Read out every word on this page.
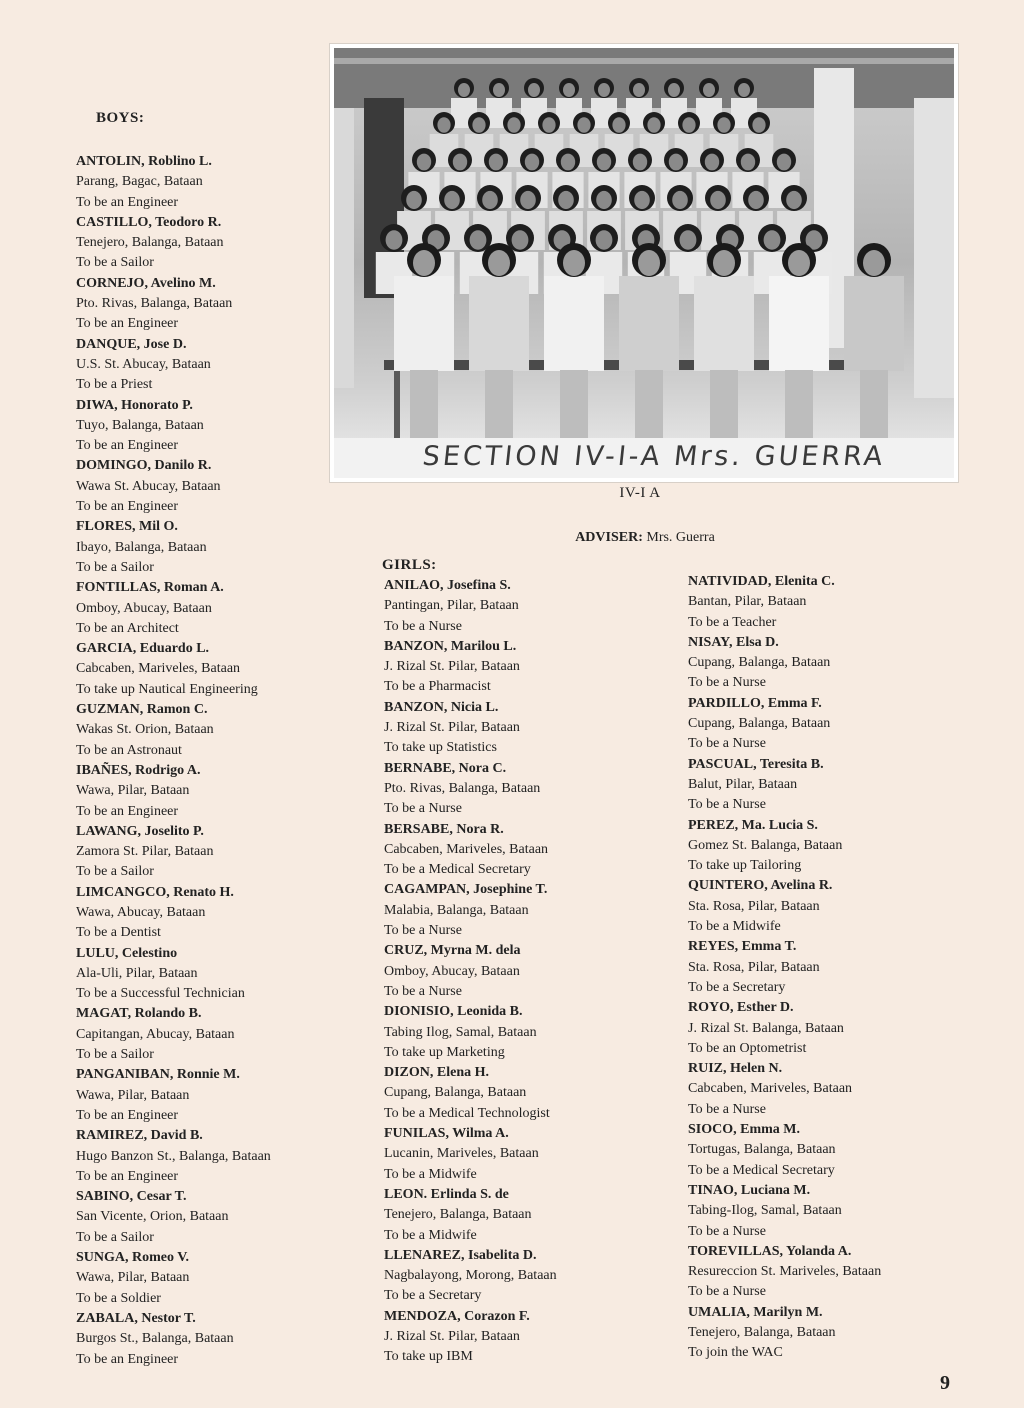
SECTION IV-I-A Mrs. GUERRA
IV-I A
ADVISER: Mrs. Guerra
BOYS:
GIRLS:
ANTOLIN, Roblino L.
Parang, Bagac, Bataan
To be an Engineer
CASTILLO, Teodoro R.
Tenejero, Balanga, Bataan
To be a Sailor
CORNEJO, Avelino M.
Pto. Rivas, Balanga, Bataan
To be an Engineer
DANQUE, Jose D.
U.S. St. Abucay, Bataan
To be a Priest
DIWA, Honorato P.
Tuyo, Balanga, Bataan
To be an Engineer
DOMINGO, Danilo R.
Wawa St. Abucay, Bataan
To be an Engineer
FLORES, Mil O.
Ibayo, Balanga, Bataan
To be a Sailor
FONTILLAS, Roman A.
Omboy, Abucay, Bataan
To be an Architect
GARCIA, Eduardo L.
Cabcaben, Mariveles, Bataan
To take up Nautical Engineering
GUZMAN, Ramon C.
Wakas St. Orion, Bataan
To be an Astronaut
IBAÑES, Rodrigo A.
Wawa, Pilar, Bataan
To be an Engineer
LAWANG, Joselito P.
Zamora St. Pilar, Bataan
To be a Sailor
LIMCANGCO, Renato H.
Wawa, Abucay, Bataan
To be a Dentist
LULU, Celestino
Ala-Uli, Pilar, Bataan
To be a Successful Technician
MAGAT, Rolando B.
Capitangan, Abucay, Bataan
To be a Sailor
PANGANIBAN, Ronnie M.
Wawa, Pilar, Bataan
To be an Engineer
RAMIREZ, David B.
Hugo Banzon St., Balanga, Bataan
To be an Engineer
SABINO, Cesar T.
San Vicente, Orion, Bataan
To be a Sailor
SUNGA, Romeo V.
Wawa, Pilar, Bataan
To be a Soldier
ZABALA, Nestor T.
Burgos St., Balanga, Bataan
To be an Engineer
ANILAO, Josefina S.
Pantingan, Pilar, Bataan
To be a Nurse
BANZON, Marilou L.
J. Rizal St. Pilar, Bataan
To be a Pharmacist
BANZON, Nicia L.
J. Rizal St. Pilar, Bataan
To take up Statistics
BERNABE, Nora C.
Pto. Rivas, Balanga, Bataan
To be a Nurse
BERSABE, Nora R.
Cabcaben, Mariveles, Bataan
To be a Medical Secretary
CAGAMPAN, Josephine T.
Malabia, Balanga, Bataan
To be a Nurse
CRUZ, Myrna M. dela
Omboy, Abucay, Bataan
To be a Nurse
DIONISIO, Leonida B.
Tabing Ilog, Samal, Bataan
To take up Marketing
DIZON, Elena H.
Cupang, Balanga, Bataan
To be a Medical Technologist
FUNILAS, Wilma A.
Lucanin, Mariveles, Bataan
To be a Midwife
LEON. Erlinda S. de
Tenejero, Balanga, Bataan
To be a Midwife
LLENAREZ, Isabelita D.
Nagbalayong, Morong, Bataan
To be a Secretary
MENDOZA, Corazon F.
J. Rizal St. Pilar, Bataan
To take up IBM
NATIVIDAD, Elenita C.
Bantan, Pilar, Bataan
To be a Teacher
NISAY, Elsa D.
Cupang, Balanga, Bataan
To be a Nurse
PARDILLO, Emma F.
Cupang, Balanga, Bataan
To be a Nurse
PASCUAL, Teresita B.
Balut, Pilar, Bataan
To be a Nurse
PEREZ, Ma. Lucia S.
Gomez St. Balanga, Bataan
To take up Tailoring
QUINTERO, Avelina R.
Sta. Rosa, Pilar, Bataan
To be a Midwife
REYES, Emma T.
Sta. Rosa, Pilar, Bataan
To be a Secretary
ROYO, Esther D.
J. Rizal St. Balanga, Bataan
To be an Optometrist
RUIZ, Helen N.
Cabcaben, Mariveles, Bataan
To be a Nurse
SIOCO, Emma M.
Tortugas, Balanga, Bataan
To be a Medical Secretary
TINAO, Luciana M.
Tabing-Ilog, Samal, Bataan
To be a Nurse
TOREVILLAS, Yolanda A.
Resureccion St. Mariveles, Bataan
To be a Nurse
UMALIA, Marilyn M.
Tenejero, Balanga, Bataan
To join the WAC
9
